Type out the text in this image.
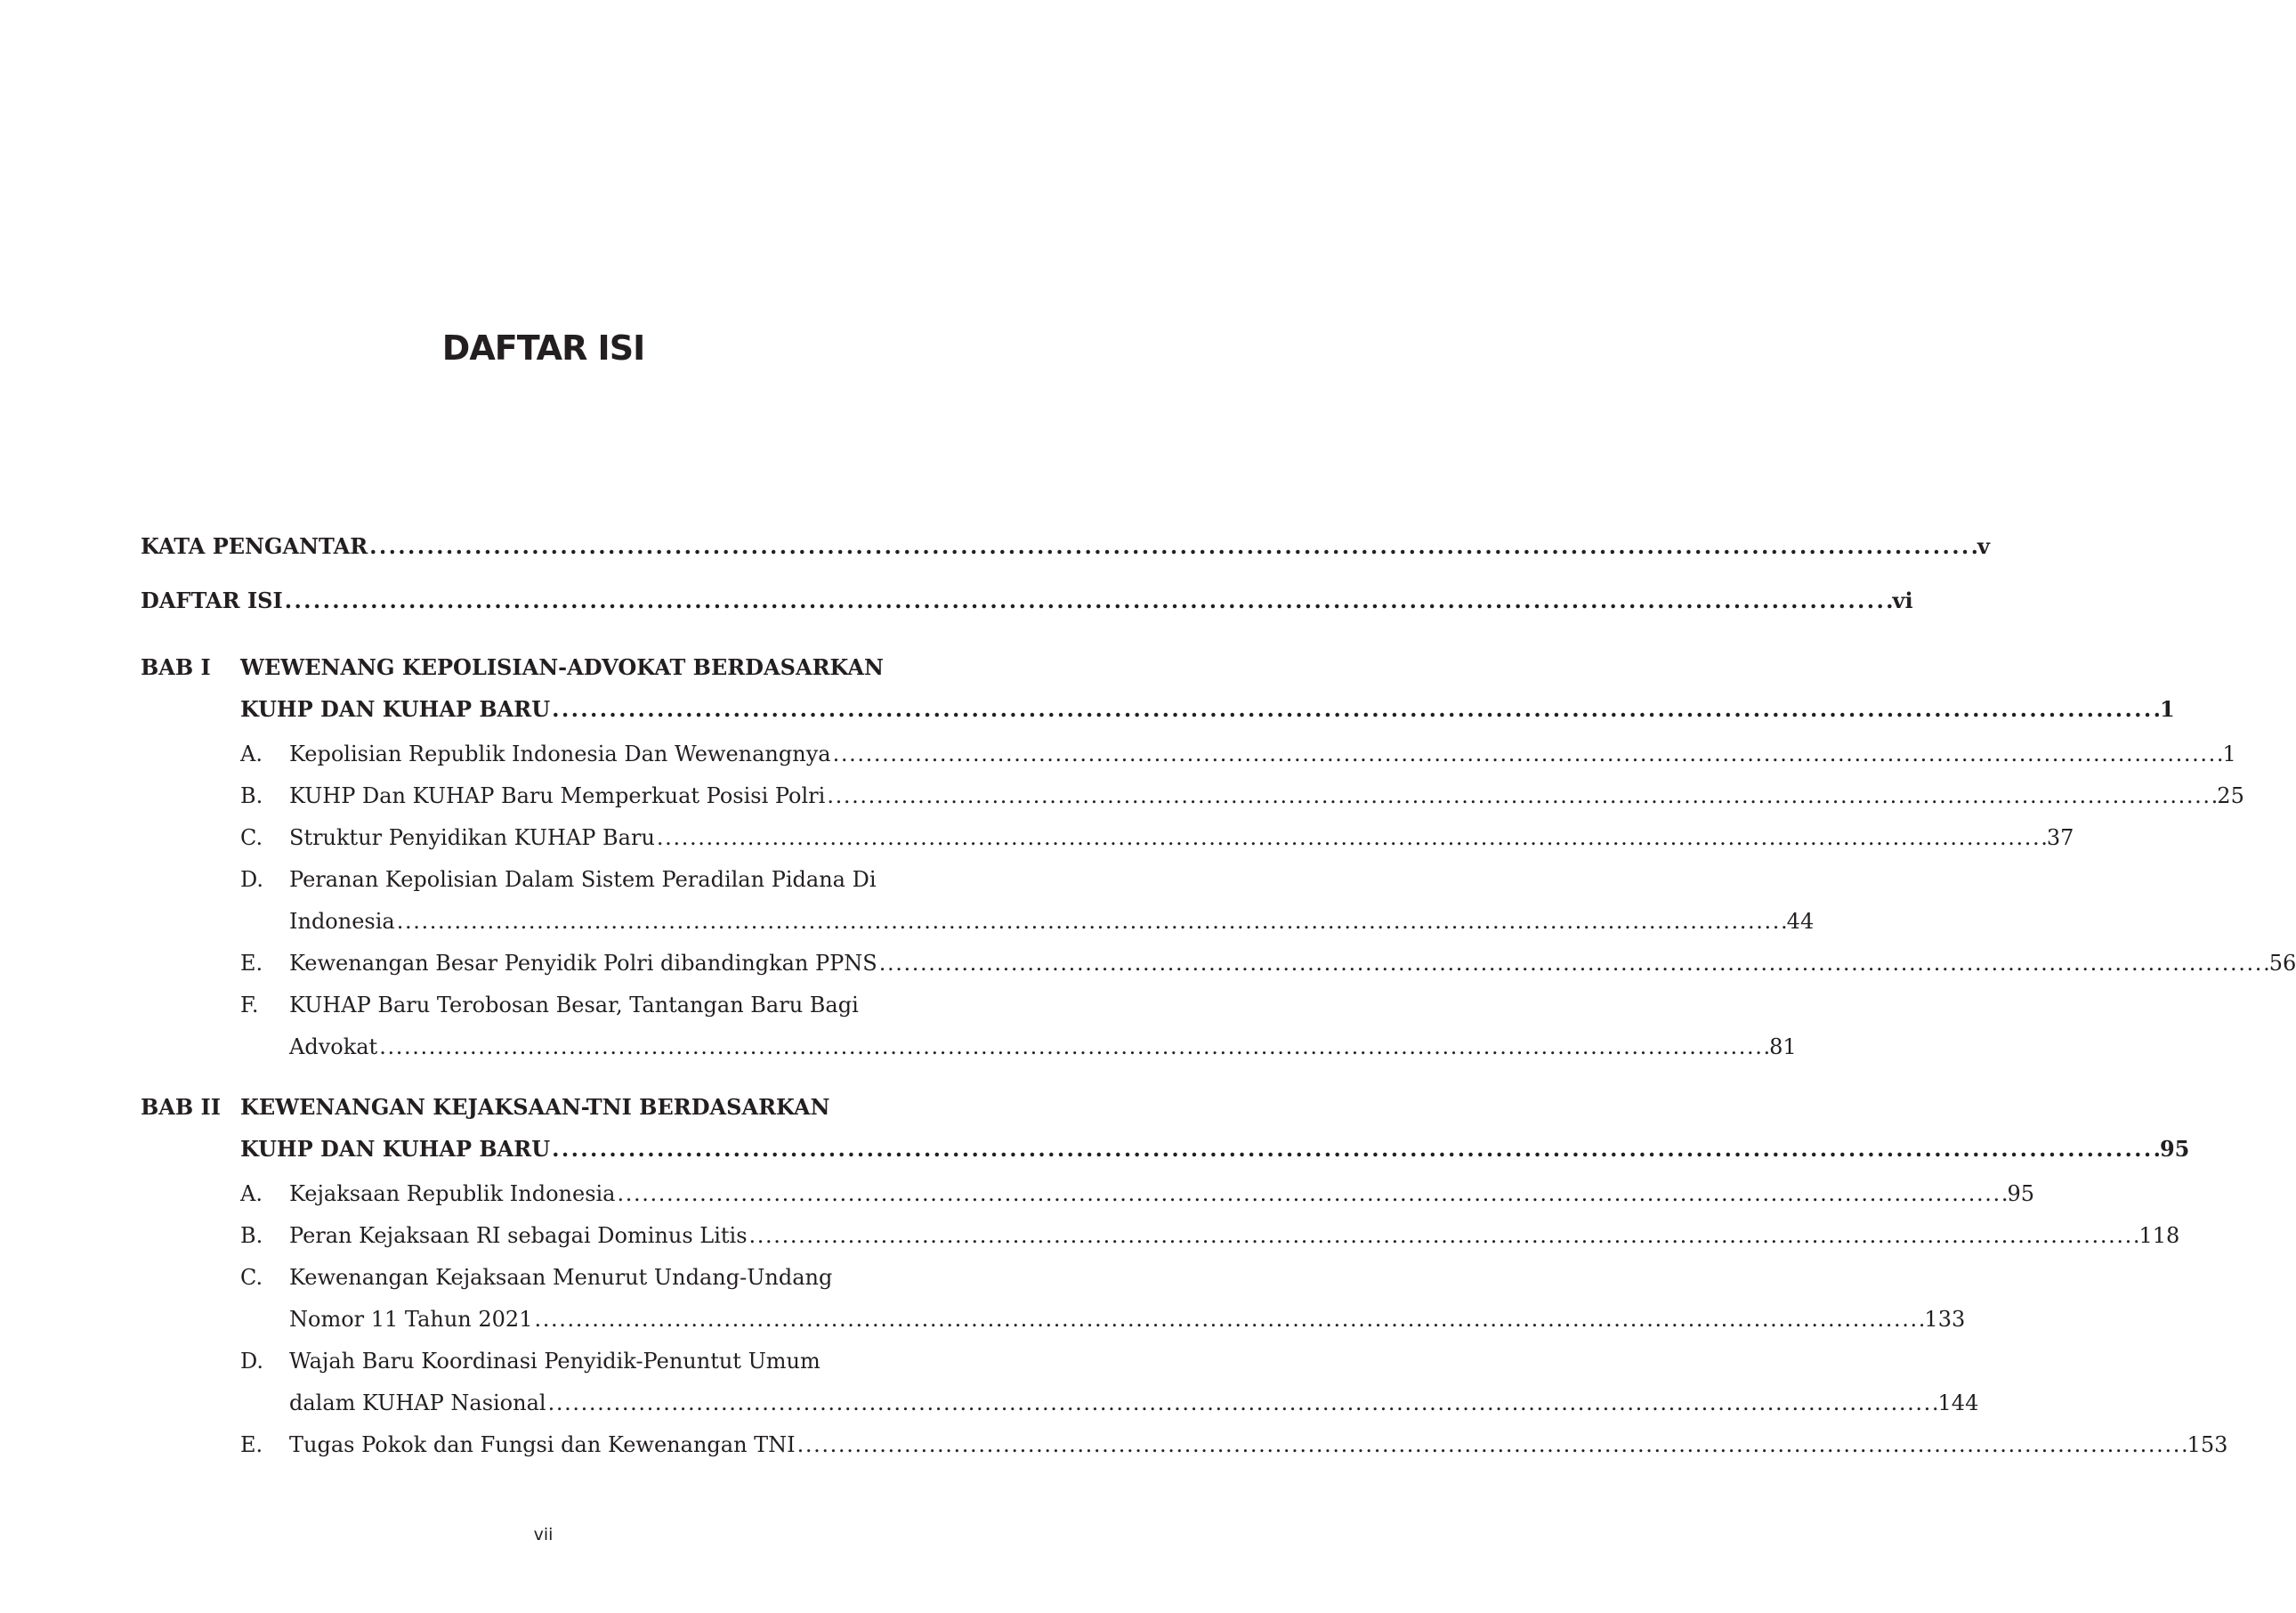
DAFTAR ISI
KATA PENGANTAR . . .	v
DAFTAR ISI . . .	vi
BAB I	WEWENANG KEPOLISIAN-ADVOKAT BERDASARKAN
KUHP DAN KUHAP BARU . . .	1
A.	Kepolisian Republik Indonesia Dan Wewenangnya . . .	1
B.	KUHP Dan KUHAP Baru Memperkuat Posisi Polri . . .	25
C.	Struktur Penyidikan KUHAP Baru . . .	37
D.	Peranan Kepolisian Dalam Sistem Peradilan Pidana Di
Indonesia . . .	44
E.	Kewenangan Besar Penyidik Polri dibandingkan PPNS . . .	56
F.	KUHAP Baru Terobosan Besar, Tantangan Baru Bagi
Advokat . . .	81
BAB II KEWENANGAN KEJAKSAAN-TNI BERDASARKAN
KUHP DAN KUHAP BARU . . .	95
A.	Kejaksaan Republik Indonesia . . .	95
B.	Peran Kejaksaan RI sebagai Dominus Litis . . .	118
C.	Kewenangan Kejaksaan Menurut Undang-Undang
Nomor 11 Tahun 2021 . . .	133
D.	Wajah Baru Koordinasi Penyidik-Penuntut Umum
dalam KUHAP Nasional . . .	144
E.	Tugas Pokok dan Fungsi dan Kewenangan TNI . . .	153
vii
